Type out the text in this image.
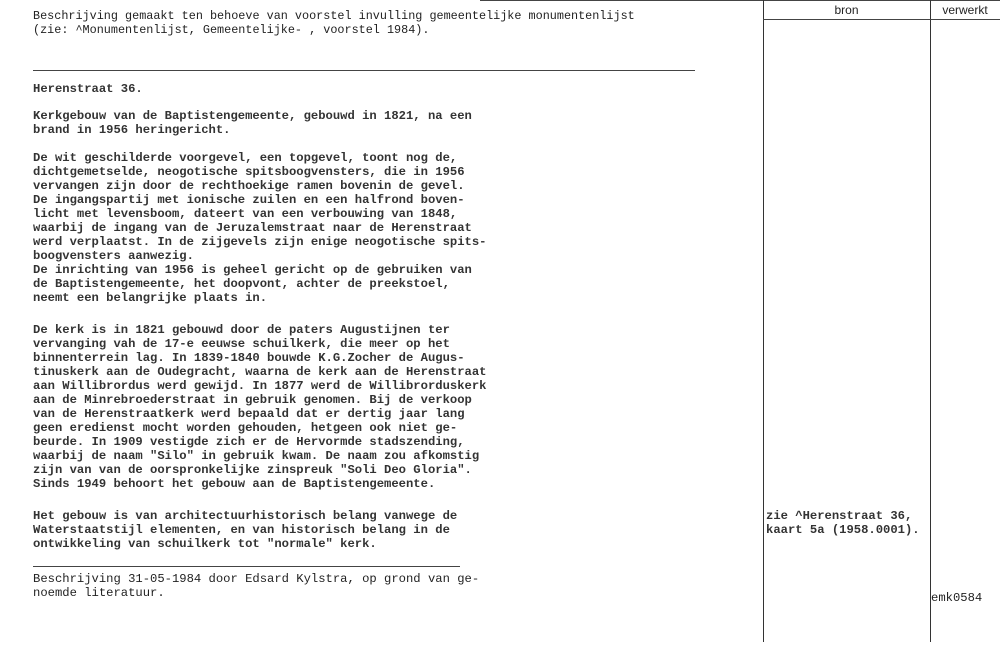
bron	verwerkt

Beschrijving gemaakt ten behoeve van voorstel invulling gemeentelijke monumentenlijst
(zie: ^Monumentenlijst, Gemeentelijke- , voorstel 1984).

Herenstraat 36.

Kerkgebouw van de Baptistengemeente, gebouwd in 1821, na een
brand in 1956 heringericht.

De wit geschilderde voorgevel, een topgevel, toont nog de,
dichtgemetselde, neogotische spitsboogvensters, die in 1956
vervangen zijn door de rechthoekige ramen bovenin de gevel.
De ingangspartij met ionische zuilen en een halfrond boven-
licht met levensboom, dateert van een verbouwing van 1848,
waarbij de ingang van de Jeruzalemstraat naar de Herenstraat
werd verplaatst. In de zijgevels zijn enige neogotische spits-
boogvensters aanwezig.
De inrichting van 1956 is geheel gericht op de gebruiken van
de Baptistengemeente, het doopvont, achter de preekstoel,
neemt een belangrijke plaats in.

De kerk is in 1821 gebouwd door de paters Augustijnen ter
vervanging vah de 17-e eeuwse schuilkerk, die meer op het
binnenterrein lag. In 1839-1840 bouwde K.G.Zocher de Augus-
tinuskerk aan de Oudegracht, waarna de kerk aan de Herenstraat
aan Willibrordus werd gewijd. In 1877 werd de Willibrorduskerk
aan de Minrebroederstraat in gebruik genomen. Bij de verkoop
van de Herenstraatkerk werd bepaald dat er dertig jaar lang
geen eredienst mocht worden gehouden, hetgeen ook niet ge-
beurde. In 1909 vestigde zich er de Hervormde stadszending,
waarbij de naam "Silo" in gebruik kwam. De naam zou afkomstig
zijn van van de oorspronkelijke zinspreuk "Soli Deo Gloria".
Sinds 1949 behoort het gebouw aan de Baptistengemeente.

Het gebouw is van architectuurhistorisch belang vanwege de
Waterstaatstijl elementen, en van historisch belang in de
ontwikkeling van schuilkerk tot "normale" kerk.

Beschrijving 31-05-1984 door Edsard Kylstra, op grond van ge-
noemde literatuur.

zie ^Herenstraat 36,
kaart 5a (1958.0001).

emk0584
